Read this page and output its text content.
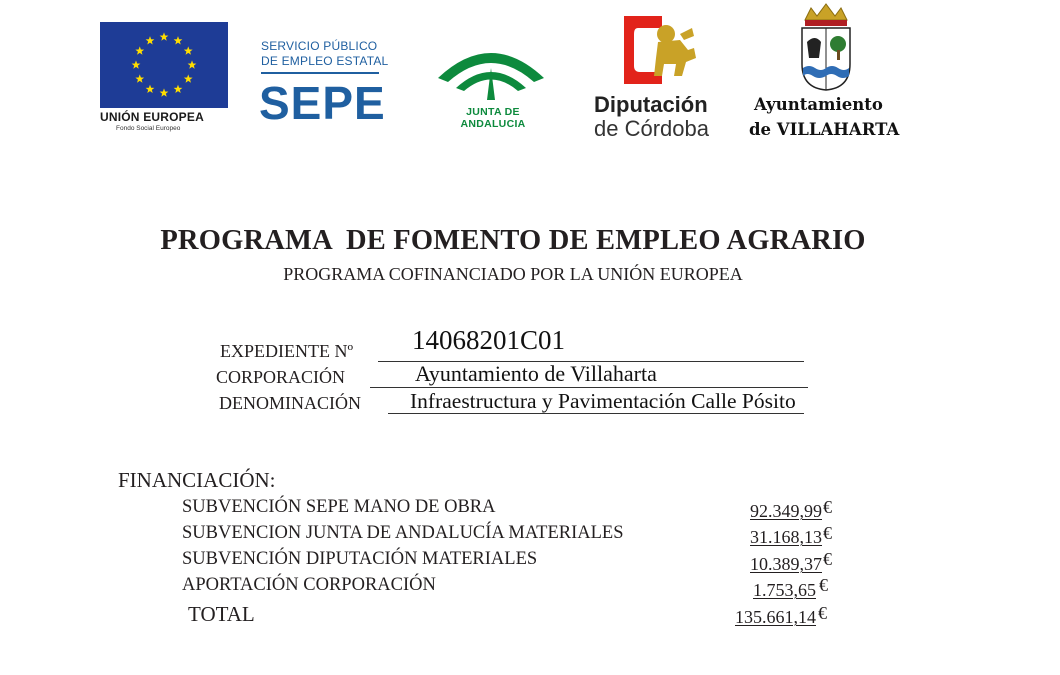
UNIÓN EUROPEA
Fondo Social Europeo
SERVICIO PÚBLICO
DE EMPLEO ESTATAL
SEPE	JUNTA DE ANDALUCIA
Diputación
de Córdoba
Ayuntamiento
de VILLAHARTA
PROGRAMA  DE FOMENTO DE EMPLEO AGRARIO
PROGRAMA COFINANCIADO POR LA UNIÓN EUROPEA
EXPEDIENTE Nº 14068201C01
CORPORACIÓN	Ayuntamiento de Villaharta
DENOMINACIÓN Infraestructura y Pavimentación Calle Pósito
FINANCIACIÓN:
SUBVENCIÓN SEPE MANO DE OBRA	92.349,99 €
SUBVENCION JUNTA DE ANDALUCÍA MATERIALES	31.168,13 €
SUBVENCIÓN DIPUTACIÓN MATERIALES	10.389,37 €
APORTACIÓN CORPORACIÓN	1.753,65 €
TOTAL	135.661,14 €
